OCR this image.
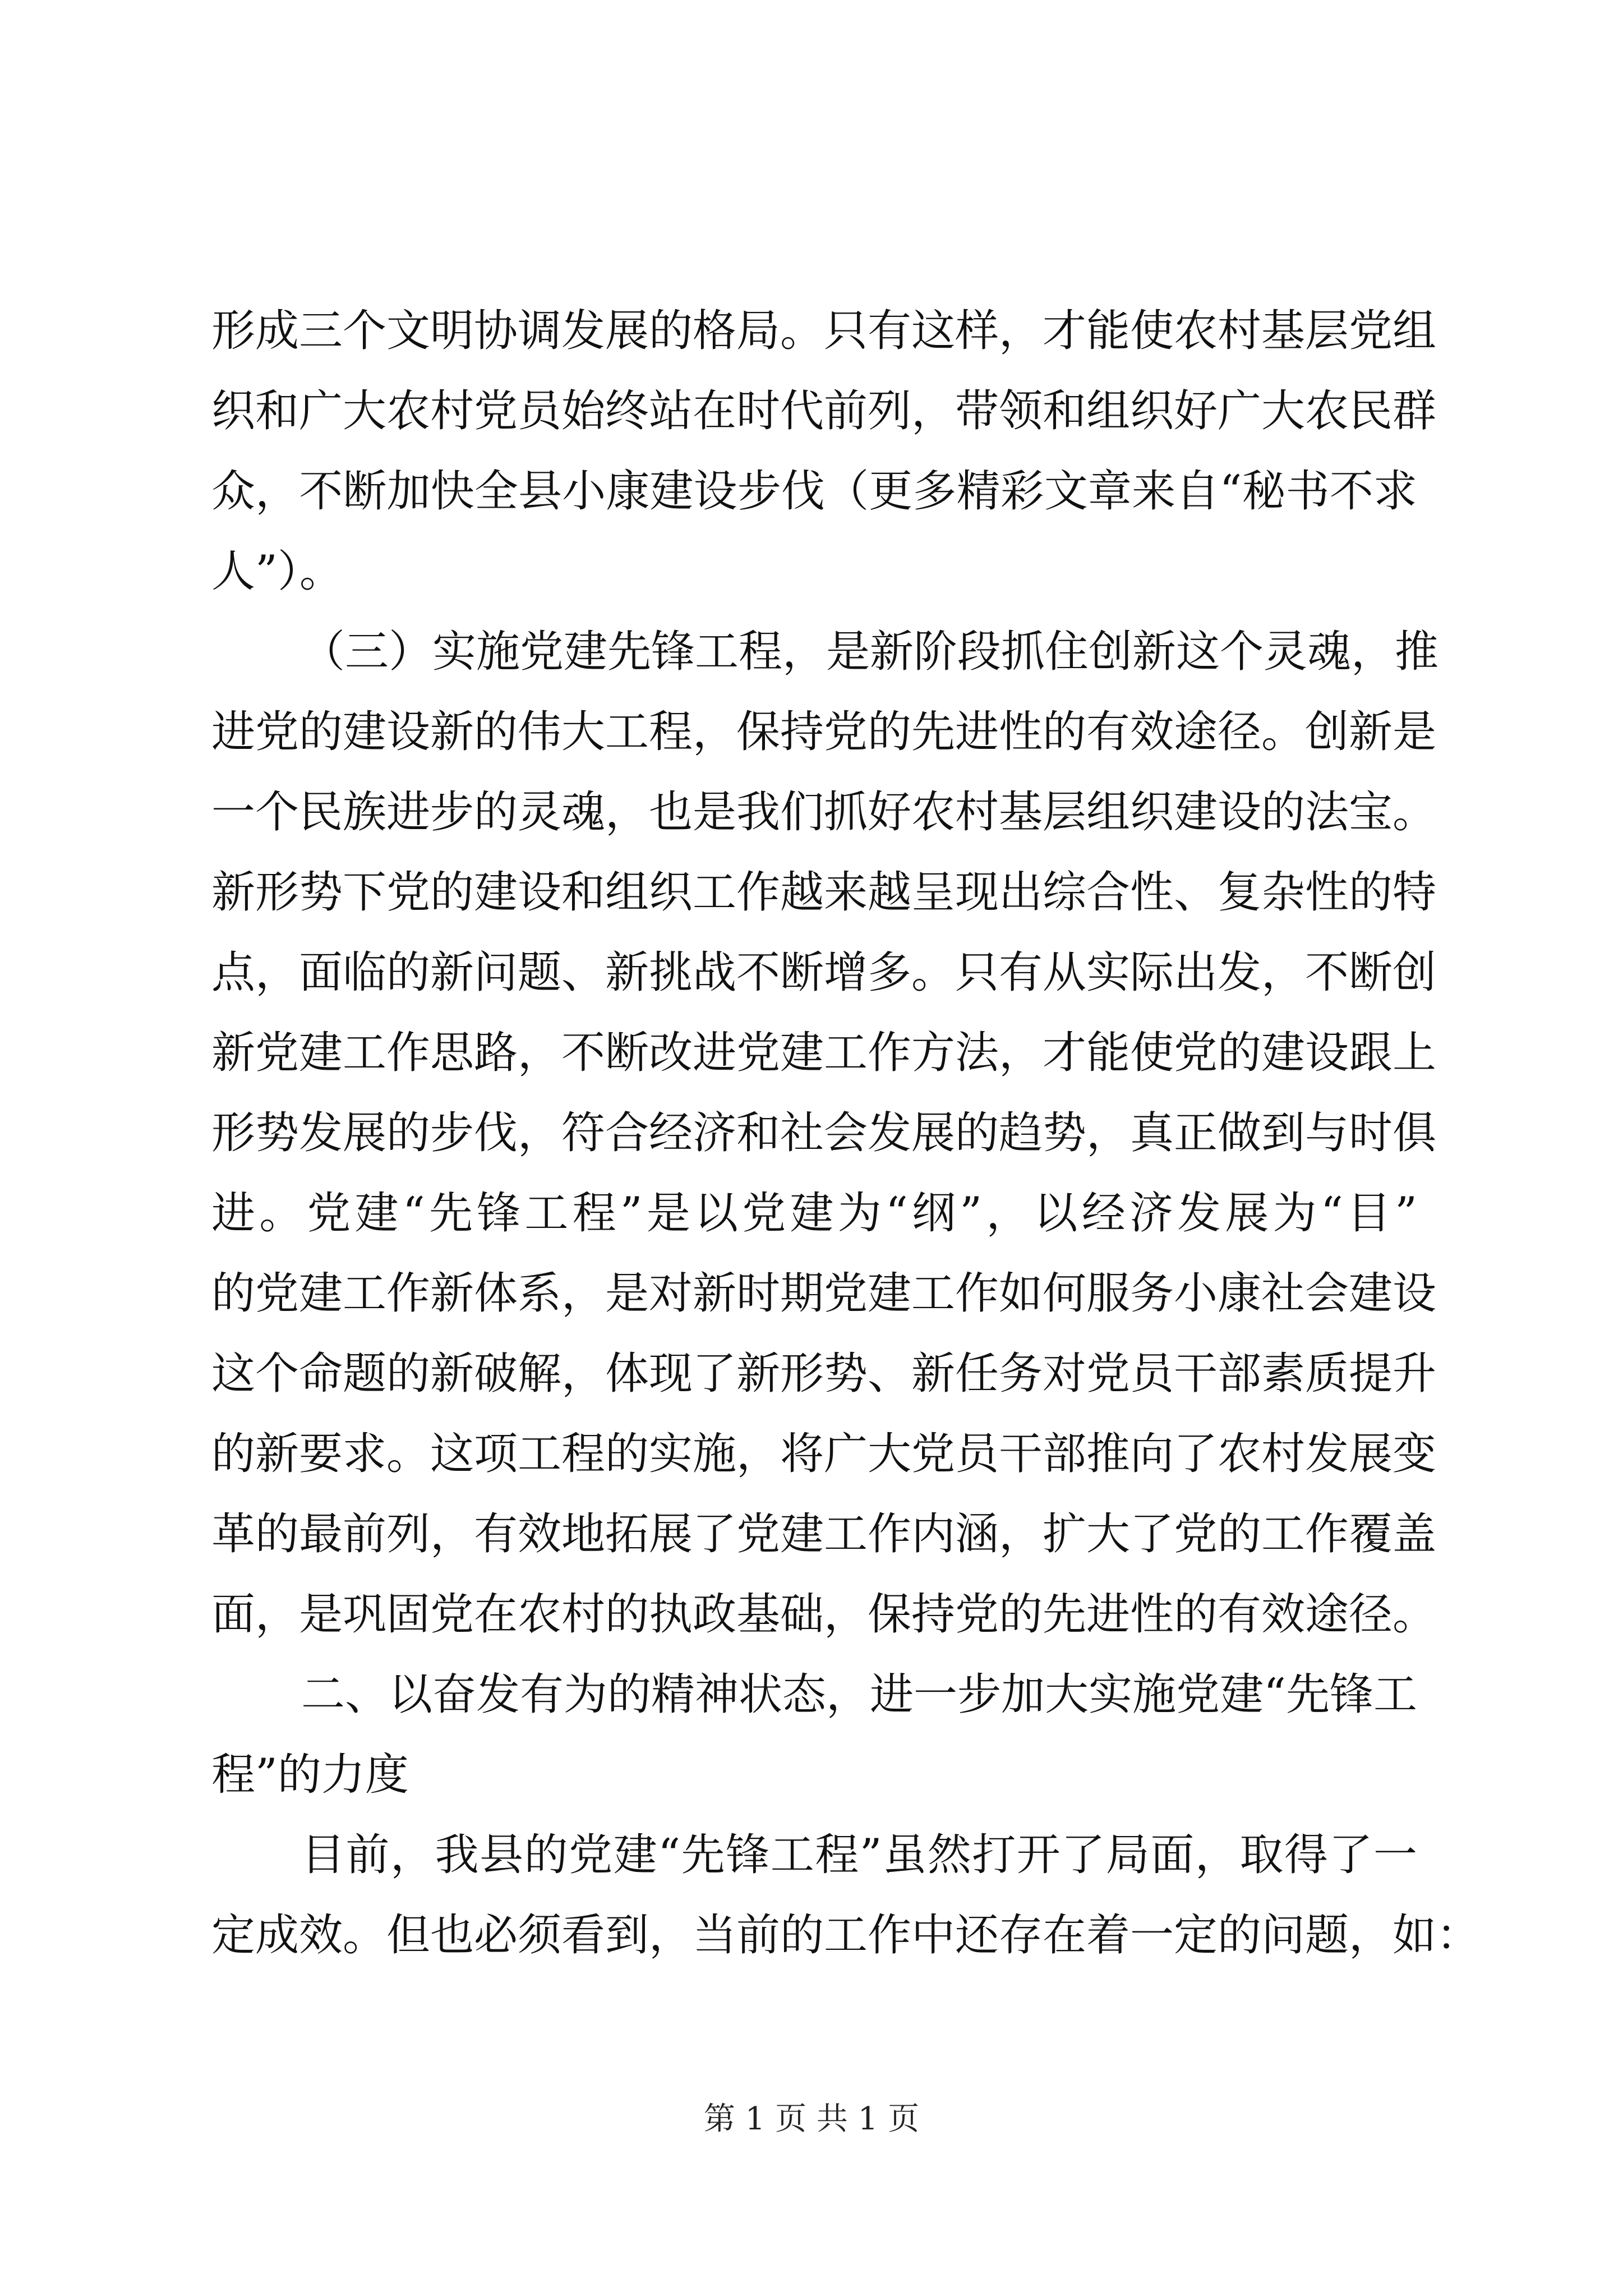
形成三个文明协调发展的格局。只有这样，才能使农村基层党组
织和广大农村党员始终站在时代前列，带领和组织好广大农民群
众，不断加快全县小康建设步伐（更多精彩文章来自“秘书不求
人”）。
（三）实施党建先锋工程，是新阶段抓住创新这个灵魂，推
进党的建设新的伟大工程，保持党的先进性的有效途径。创新是
一个民族进步的灵魂，也是我们抓好农村基层组织建设的法宝。
新形势下党的建设和组织工作越来越呈现出综合性、复杂性的特
点，面临的新问题、新挑战不断增多。只有从实际出发，不断创
新党建工作思路，不断改进党建工作方法，才能使党的建设跟上
形势发展的步伐，符合经济和社会发展的趋势，真正做到与时俱
进。党建“先锋工程”是以党建为“纲”，以经济发展为“目”
的党建工作新体系，是对新时期党建工作如何服务小康社会建设
这个命题的新破解，体现了新形势、新任务对党员干部素质提升
的新要求。这项工程的实施，将广大党员干部推向了农村发展变
革的最前列，有效地拓展了党建工作内涵，扩大了党的工作覆盖
面，是巩固党在农村的执政基础，保持党的先进性的有效途径。
二、以奋发有为的精神状态，进一步加大实施党建“先锋工
程”的力度
目前，我县的党建“先锋工程”虽然打开了局面，取得了一
定成效。但也必须看到，当前的工作中还存在着一定的问题，如：
第 1 页 共 1 页
